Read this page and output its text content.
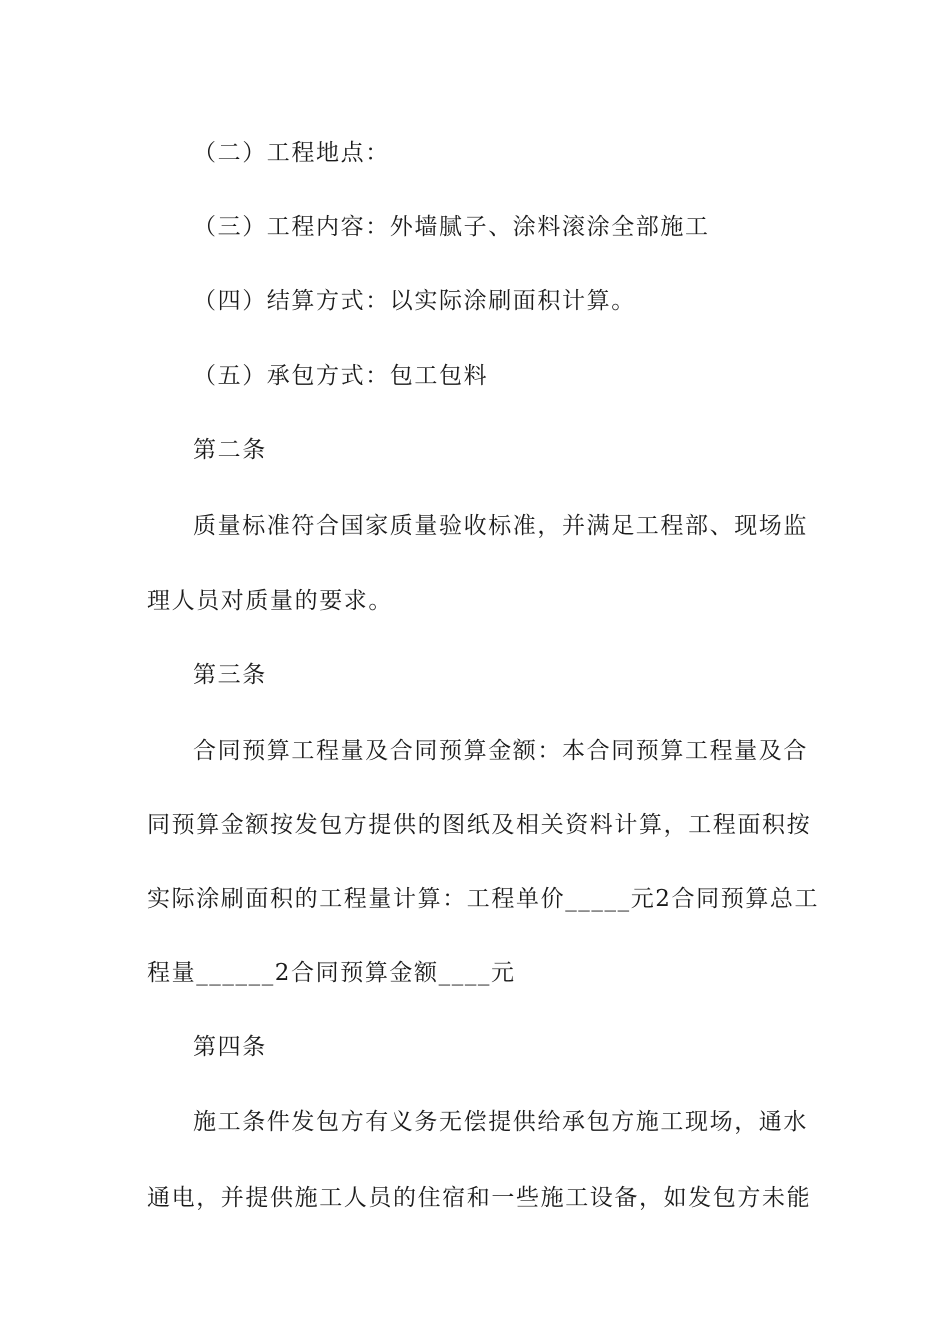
（二）工程地点：
（三）工程内容：外墙腻子、涂料滚涂全部施工
（四）结算方式：以实际涂刷面积计算。
（五）承包方式：包工包料
第二条
质量标准符合国家质量验收标准，并满足工程部、现场监
理人员对质量的要求。
第三条
合同预算工程量及合同预算金额：本合同预算工程量及合
同预算金额按发包方提供的图纸及相关资料计算，工程面积按
实际涂刷面积的工程量计算：工程单价_____元2合同预算总工
程量______2合同预算金额____元
第四条
施工条件发包方有义务无偿提供给承包方施工现场，通水
通电，并提供施工人员的住宿和一些施工设备，如发包方未能
